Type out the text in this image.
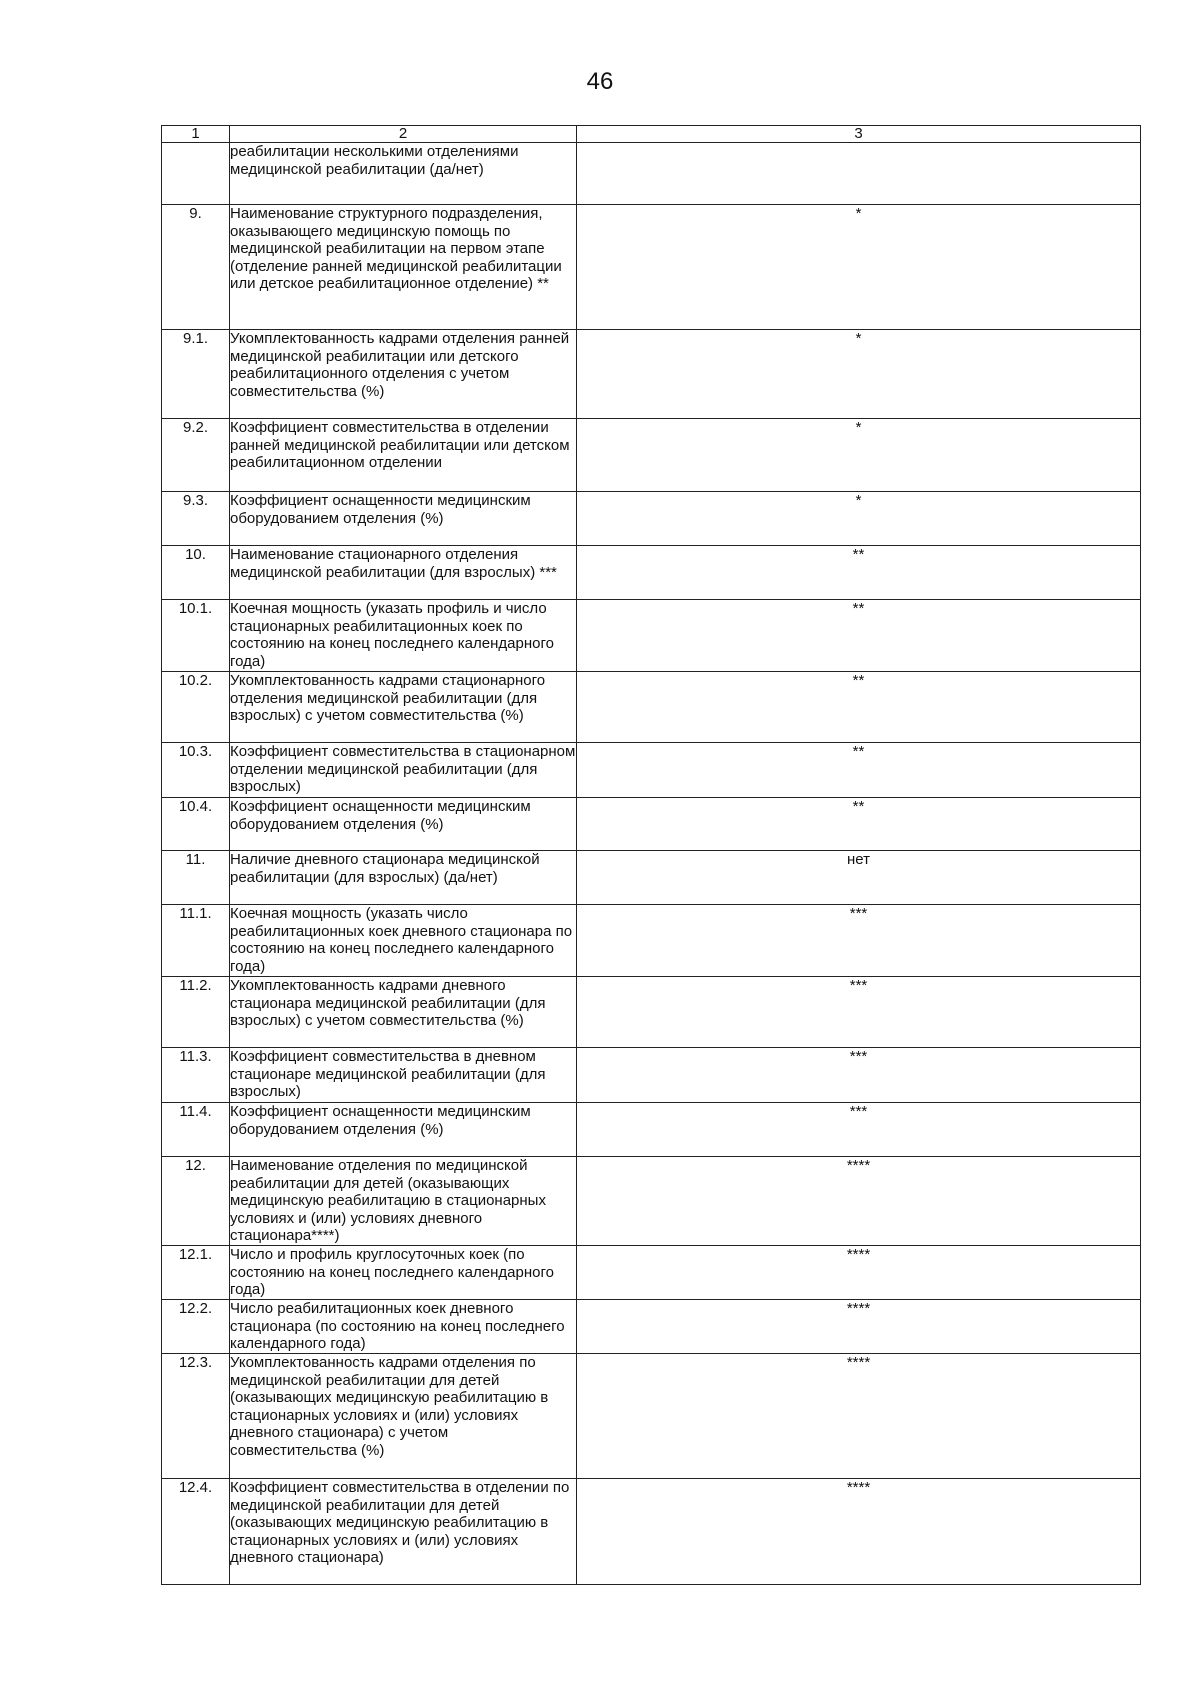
46
1	2	3
	реабилитации несколькими отделениями медицинской реабилитации (да/нет)	
9.	Наименование структурного подразделения, оказывающего медицинскую помощь по медицинской реабилитации на первом этапе (отделение ранней медицинской реабилитации или детское реабилитационное отделение) **	*
9.1.	Укомплектованность кадрами отделения ранней медицинской реабилитации или детского реабилитационного отделения с учетом совместительства (%)	*
9.2.	Коэффициент совместительства в отделении ранней медицинской реабилитации или детском реабилитационном отделении	*
9.3.	Коэффициент оснащенности медицинским оборудованием отделения (%)	*
10.	Наименование стационарного отделения медицинской реабилитации (для взрослых) ***	**
10.1.	Коечная мощность (указать профиль и число стационарных реабилитационных коек по состоянию на конец последнего календарного года)	**
10.2.	Укомплектованность кадрами стационарного отделения медицинской реабилитации (для взрослых) с учетом совместительства (%)	**
10.3.	Коэффициент совместительства в стационарном отделении медицинской реабилитации (для взрослых)	**
10.4.	Коэффициент оснащенности медицинским оборудованием отделения (%)	**
11.	Наличие дневного стационара медицинской реабилитации (для взрослых) (да/нет)	нет
11.1.	Коечная мощность (указать число реабилитационных коек дневного стационара по состоянию на конец последнего календарного года)	***
11.2.	Укомплектованность кадрами дневного стационара медицинской реабилитации (для взрослых) с учетом совместительства (%)	***
11.3.	Коэффициент совместительства в дневном стационаре медицинской реабилитации (для взрослых)	***
11.4.	Коэффициент оснащенности медицинским оборудованием отделения (%)	***
12.	Наименование отделения по медицинской реабилитации для детей (оказывающих медицинскую реабилитацию в стационарных условиях и (или) условиях дневного стационара****)	****
12.1.	Число и профиль круглосуточных коек (по состоянию на конец последнего календарного года)	****
12.2.	Число реабилитационных коек дневного стационара (по состоянию на конец последнего календарного года)	****
12.3.	Укомплектованность кадрами отделения по медицинской реабилитации для детей (оказывающих медицинскую реабилитацию в стационарных условиях и (или) условиях дневного стационара) с учетом совместительства (%)	****
12.4.	Коэффициент совместительства в отделении по медицинской реабилитации для детей (оказывающих медицинскую реабилитацию в стационарных условиях и (или) условиях дневного стационара)	****
